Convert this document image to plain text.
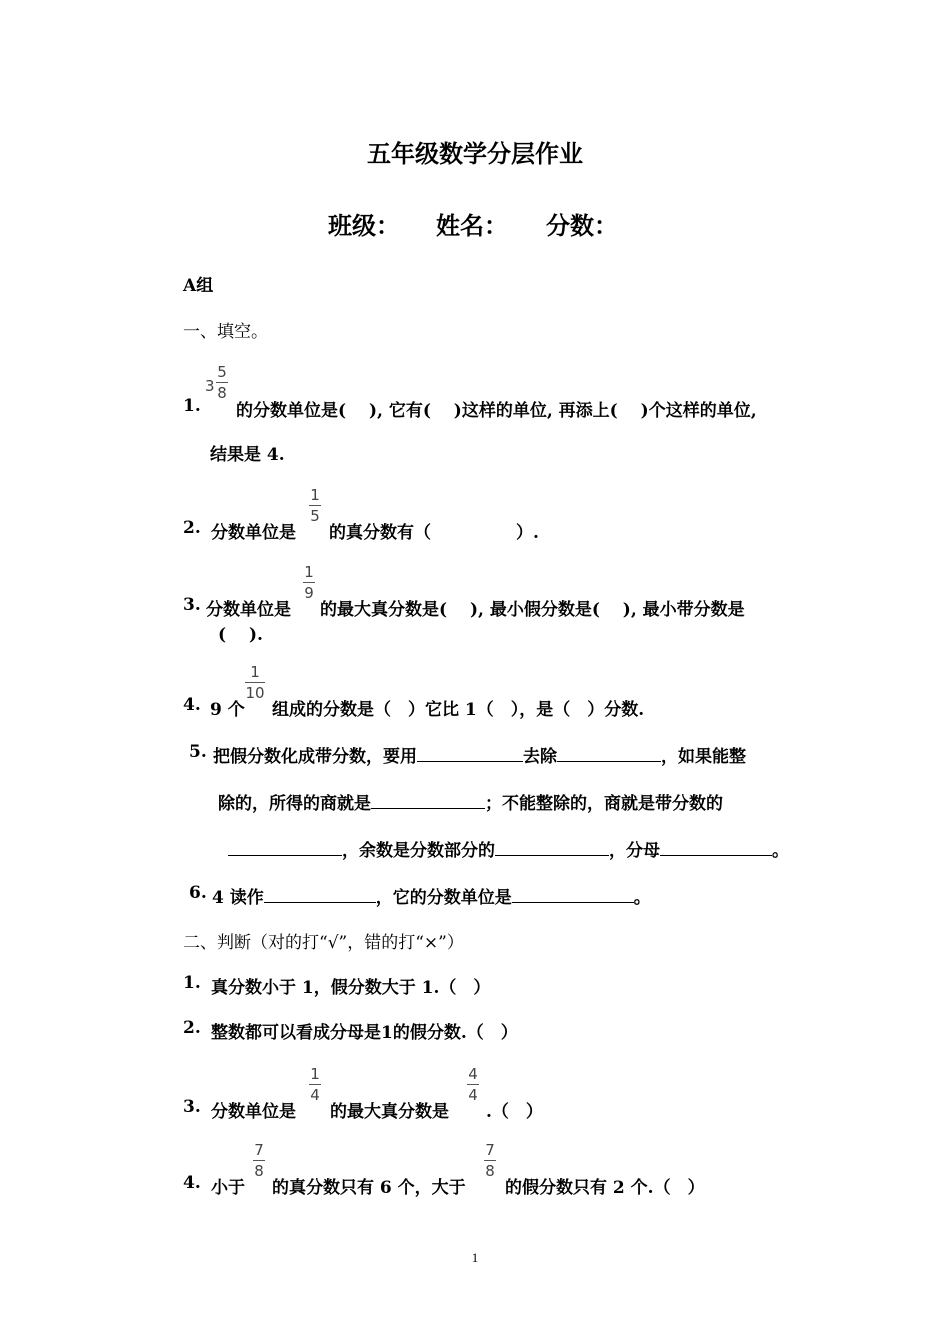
五年级数学分层作业
班级： 姓名： 分数：
A组
一、填空。
1.
3
5
8
的分数单位是(　 ), 它有(　 )这样的单位, 再添上(　 )个这样的单位,
结果是 4.
2. 分数单位是
1
5
的真分数有（　　　　　）.
3. 分数单位是
1
9
的最大真分数是(　 ), 最小假分数是(　 ), 最小带分数是
(　 ).
4. 9 个
1
10
组成的分数是（　）它比 1（　），是（　）分数.
5. 把假分数化成带分数，要用	去除	，如果能整
除的，所得的商就是	；不能整除的，商就是带分数的
，余数是分数部分的	，分母	。
6. 4 读作	，它的分数单位是	。
二、判断（对的打“√”，错的打“×”）
1. 真分数小于 1，假分数大于 1.（　）
2. 整数都可以看成分母是1的假分数.（　）
3. 分数单位是
1
4
的最大真分数是
4
4
.（　）
4. 小于
7
8
的真分数只有 6 个，大于
7
8
的假分数只有 2 个.（　）
1
